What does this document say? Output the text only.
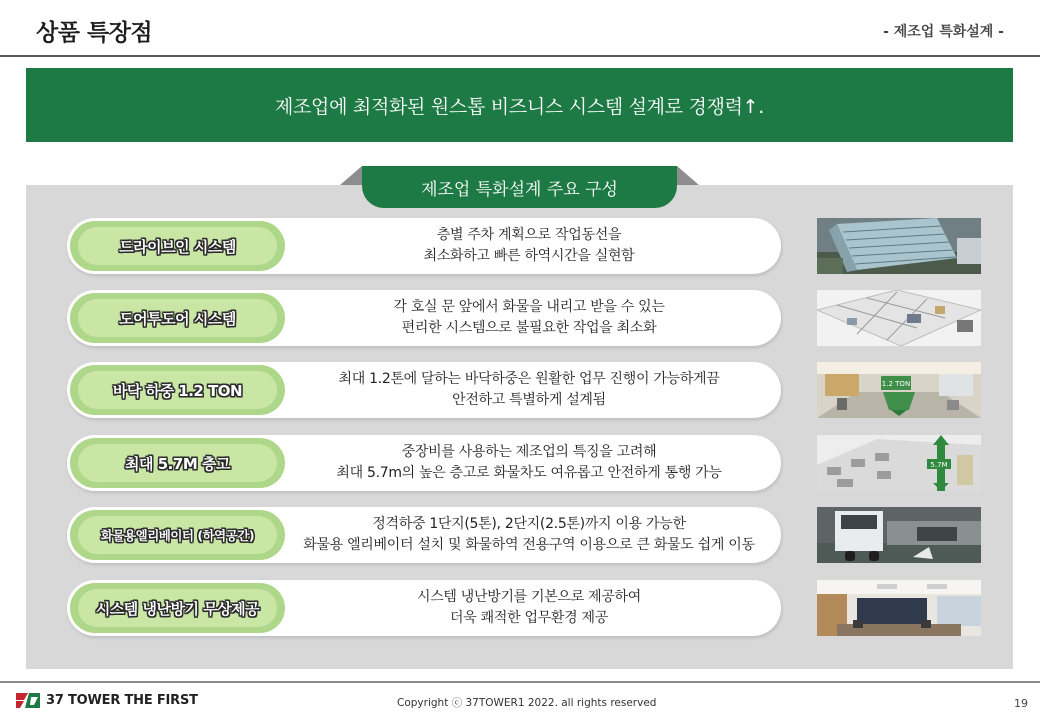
상품 특장점	- 제조업 특화설계 -
제조업에 최적화된 원스톱 비즈니스 시스템 설계로 경쟁력↑.
제조업 특화설계 주요 구성
드라이브인 시스템
층별 주차 계획으로 작업동선을
최소화하고 빠른 하역시간을 실현함
도어투도어 시스템
각 호실 문 앞에서 화물을 내리고 받을 수 있는
편리한 시스템으로 불필요한 작업을 최소화
바닥 하중 1.2 TON
최대 1.2톤에 달하는 바닥하중은 원활한 업무 진행이 가능하게끔
안전하고 특별하게 설계됨
1.2 TON
최대 5.7M 층고
중장비를 사용하는 제조업의 특징을 고려해
최대 5.7m의 높은 층고로 화물차도 여유롭고 안전하게 통행 가능	5.7M
화물용엘리베이터 (하역공간)
정격하중 1단지(5톤), 2단지(2.5톤)까지 이용 가능한
화물용 엘리베이터 설치 및 화물하역 전용구역 이용으로 큰 화물도 쉽게 이동
시스템 냉난방기 무상제공
시스템 냉난방기를 기본으로 제공하여
더욱 쾌적한 업무환경 제공
37 TOWER THE FIRST	Copyright ⓒ 37TOWER1 2022. all rights reserved	19
